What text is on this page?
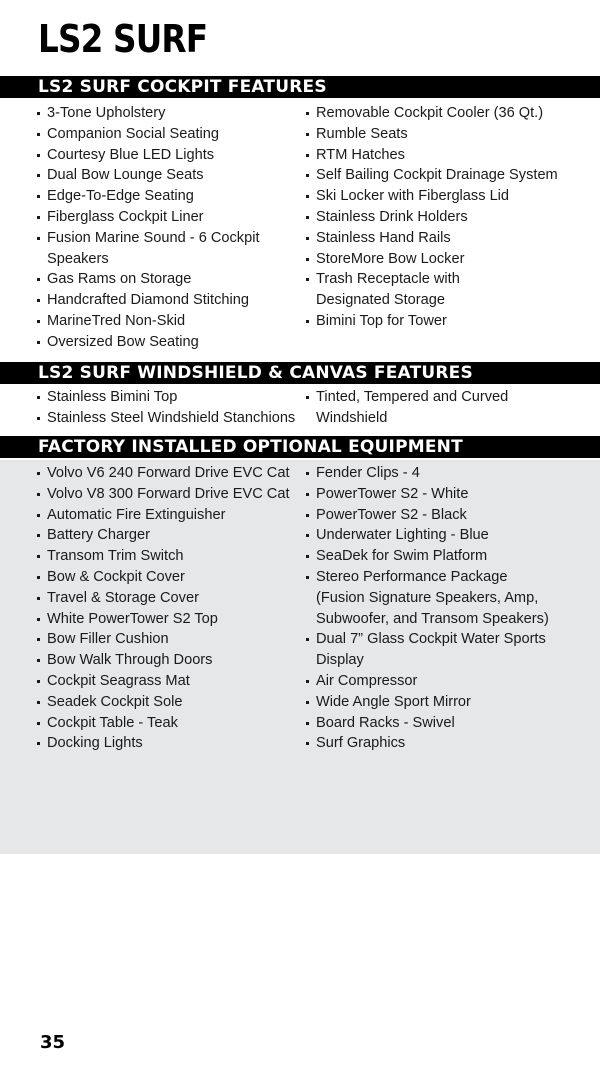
LS2 SURF
LS2 SURF COCKPIT FEATURES
3-Tone Upholstery
Companion Social Seating
Courtesy Blue LED Lights
Dual Bow Lounge Seats
Edge-To-Edge Seating
Fiberglass Cockpit Liner
Fusion Marine Sound - 6 Cockpit
Speakers
Gas Rams on Storage
Handcrafted Diamond Stitching
MarineTred Non-Skid
Oversized Bow Seating
Removable Cockpit Cooler (36 Qt.)
Rumble Seats
RTM Hatches
Self Bailing Cockpit Drainage System
Ski Locker with Fiberglass Lid
Stainless Drink Holders
Stainless Hand Rails
StoreMore Bow Locker
Trash Receptacle with
Designated Storage
Bimini Top for Tower
LS2 SURF WINDSHIELD & CANVAS FEATURES
Stainless Bimini Top
Stainless Steel Windshield Stanchions
Tinted, Tempered and Curved
Windshield
FACTORY INSTALLED OPTIONAL EQUIPMENT
Volvo V6 240 Forward Drive EVC Cat
Volvo V8 300 Forward Drive EVC Cat
Automatic Fire Extinguisher
Battery Charger
Transom Trim Switch
Bow & Cockpit Cover
Travel & Storage Cover
White PowerTower S2 Top
Bow Filler Cushion
Bow Walk Through Doors
Cockpit Seagrass Mat
Seadek Cockpit Sole
Cockpit Table - Teak
Docking Lights
Fender Clips - 4
PowerTower S2 - White
PowerTower S2 - Black
Underwater Lighting - Blue
SeaDek for Swim Platform
Stereo Performance Package
(Fusion Signature Speakers, Amp,
Subwoofer, and Transom Speakers)
Dual 7” Glass Cockpit Water Sports
Display
Air Compressor
Wide Angle Sport Mirror
Board Racks - Swivel
Surf Graphics
35
